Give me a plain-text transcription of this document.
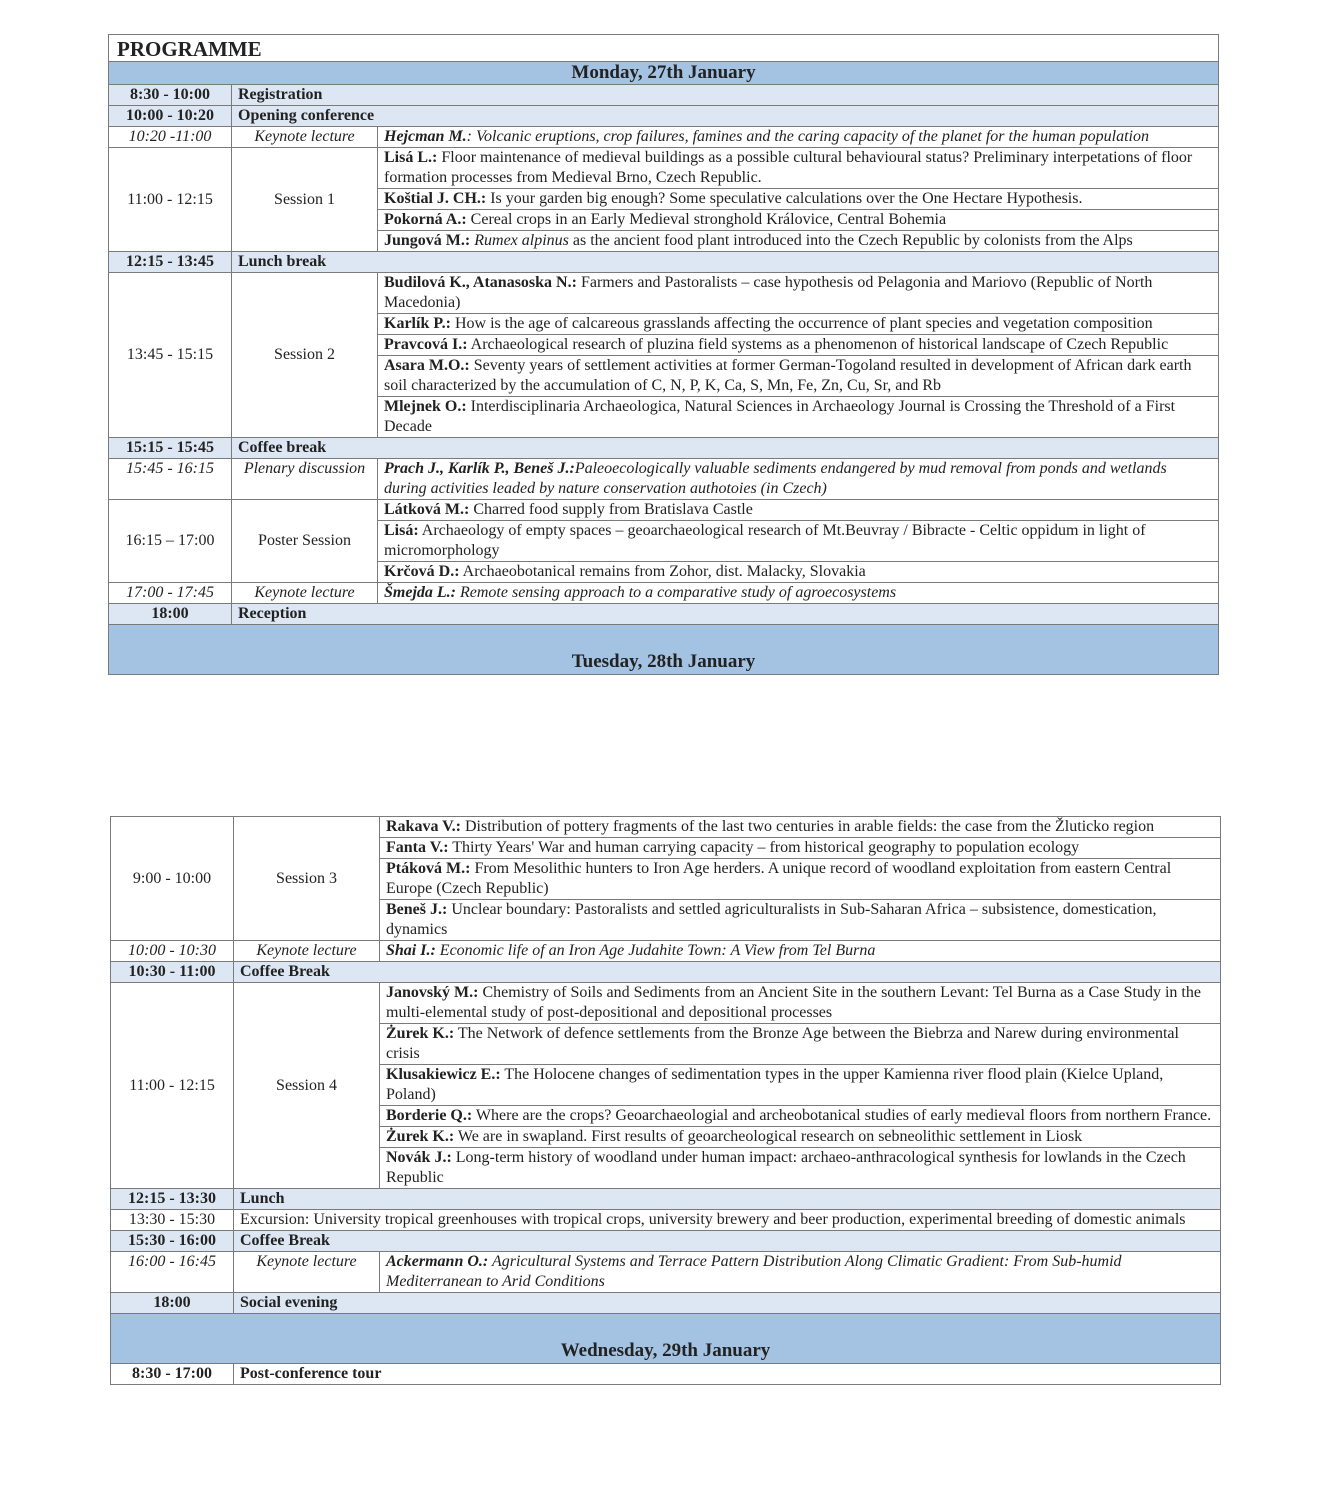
PROGRAMME		
Monday, 27th January		
8:30 - 10:00	Registration	
10:00 - 10:20	Opening conference	
10:20 -11:00	Keynote lecture	Hejcman M.: Volcanic eruptions, crop failures, famines and the caring capacity of the planet for the human population
11:00 - 12:15	Session 1	Lisá L.: Floor maintenance of medieval buildings as a possible cultural behavioural status? Preliminary interpetations of floor formation processes from Medieval Brno, Czech Republic.
		Koštial J. CH.: Is your garden big enough? Some speculative calculations over the One Hectare Hypothesis.
		Pokorná A.: Cereal crops in an Early Medieval stronghold Královice, Central Bohemia
		Jungová M.: Rumex alpinus as the ancient food plant introduced into the Czech Republic by colonists from the Alps
12:15 - 13:45	Lunch break	
13:45 - 15:15	Session 2	Budilová K., Atanasoska N.: Farmers and Pastoralists – case hypothesis od Pelagonia and Mariovo (Republic of North Macedonia)
		Karlík P.: How is the age of calcareous grasslands affecting the occurrence of plant species and vegetation composition
		Pravcová I.: Archaeological research of pluzina field systems as a phenomenon of historical landscape of Czech Republic
		Asara M.O.: Seventy years of settlement activities at former German-Togoland resulted in development of African dark earth soil characterized by the accumulation of C, N, P, K, Ca, S, Mn, Fe, Zn, Cu, Sr, and Rb
		Mlejnek O.: Interdisciplinaria Archaeologica, Natural Sciences in Archaeology Journal is Crossing the Threshold of a First Decade
15:15 - 15:45	Coffee break	
15:45 - 16:15	Plenary discussion	Prach J., Karlík P., Beneš J.:Paleoecologically valuable sediments endangered by mud removal from ponds and wetlands during activities leaded by nature conservation authotoies (in Czech)
16:15 – 17:00	Poster Session	Látková M.: Charred food supply from Bratislava Castle
		Lisá: Archaeology of empty spaces – geoarchaeological research of Mt.Beuvray / Bibracte - Celtic oppidum in light of micromorphology
		Krčová D.: Archaeobotanical remains from Zohor, dist. Malacky, Slovakia
17:00 - 17:45	Keynote lecture	Šmejda L.: Remote sensing approach to a comparative study of agroecosystems
18:00	Reception	
Tuesday, 28th January		
9:00 - 10:00	Session 3	Rakava V.: Distribution of pottery fragments of the last two centuries in arable fields: the case from the Žluticko region
		Fanta V.: Thirty Years' War and human carrying capacity – from historical geography to population ecology
		Ptáková M.: From Mesolithic hunters to Iron Age herders. A unique record of woodland exploitation from eastern Central Europe (Czech Republic)
		Beneš J.: Unclear boundary: Pastoralists and settled agriculturalists in Sub-Saharan Africa – subsistence, domestication, dynamics
10:00 - 10:30	Keynote lecture	Shai I.: Economic life of an Iron Age Judahite Town: A View from Tel Burna
10:30 - 11:00	Coffee Break	
11:00 - 12:15	Session 4	Janovský M.: Chemistry of Soils and Sediments from an Ancient Site in the southern Levant: Tel Burna as a Case Study in the multi-elemental study of post-depositional and depositional processes
		Żurek K.: The Network of defence settlements from the Bronze Age between the Biebrza and Narew during environmental crisis
		Klusakiewicz E.: The Holocene changes of sedimentation types in the upper Kamienna river flood plain (Kielce Upland, Poland)
		Borderie Q.: Where are the crops? Geoarchaeologial and archeobotanical studies of early medieval floors from northern France.
		Żurek K.: We are in swapland. First results of geoarcheological research on sebneolithic settlement in Liosk
		Novák J.: Long-term history of woodland under human impact: archaeo-anthracological synthesis for lowlands in the Czech Republic
12:15 - 13:30	Lunch	
13:30 - 15:30	Excursion: University tropical greenhouses with tropical crops, university brewery and beer production, experimental breeding of domestic animals	
15:30 - 16:00	Coffee Break	
16:00 - 16:45	Keynote lecture	Ackermann O.: Agricultural Systems and Terrace Pattern Distribution Along Climatic Gradient: From Sub-humid Mediterranean to Arid Conditions
18:00	Social evening	
Wednesday, 29th January		
8:30 - 17:00	Post-conference tour	
